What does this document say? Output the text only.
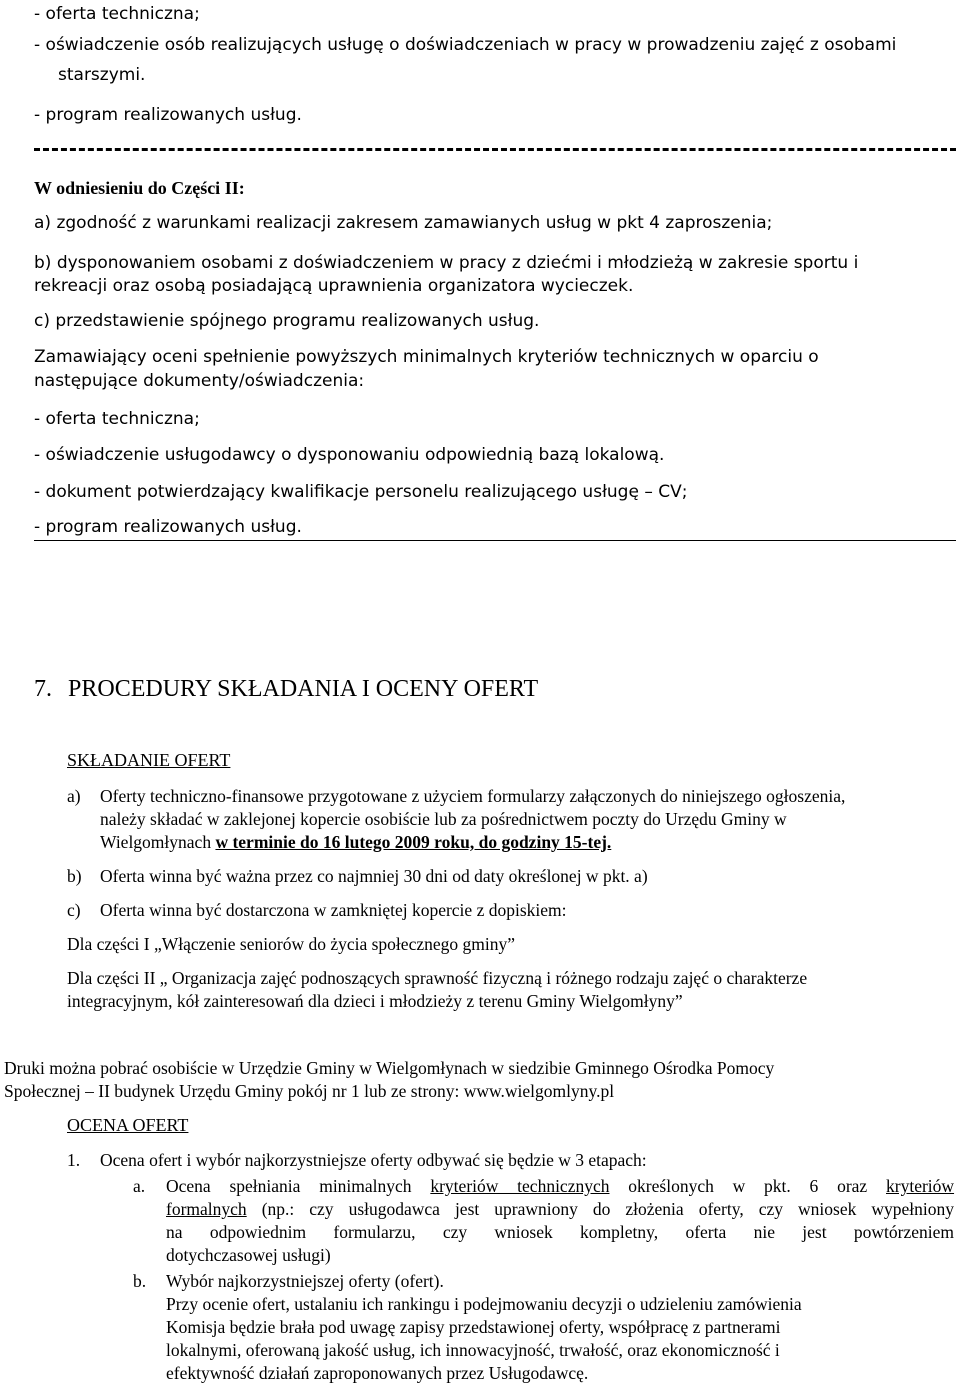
- oferta techniczna;
- oświadczenie osób realizujących usługę o doświadczeniach w pracy w prowadzeniu zajęć z osobami
starszymi.
- program realizowanych usług.
W odniesieniu do Części II:
a) zgodność z warunkami realizacji zakresem zamawianych usług w pkt 4 zaproszenia;
b) dysponowaniem osobami z doświadczeniem w pracy z dziećmi i młodzieżą w zakresie sportu i
rekreacji oraz osobą posiadającą uprawnienia organizatora wycieczek.
c) przedstawienie spójnego programu realizowanych usług.
Zamawiający oceni spełnienie powyższych minimalnych kryteriów technicznych w oparciu o
następujące dokumenty/oświadczenia:
- oferta techniczna;
- oświadczenie usługodawcy o dysponowaniu odpowiednią bazą lokalową.
- dokument potwierdzający kwalifikacje personelu realizującego usługę – CV;
- program realizowanych usług.
7. PROCEDURY SKŁADANIA I OCENY OFERT
SKŁADANIE OFERT
a) Oferty techniczno-finansowe przygotowane z użyciem formularzy załączonych do niniejszego ogłoszenia,
należy składać w zaklejonej kopercie osobiście lub za pośrednictwem poczty do Urzędu Gminy w
Wielgomłynach w terminie do 16 lutego 2009 roku, do godziny 15-tej.
b) Oferta winna być ważna przez co najmniej 30 dni od daty określonej w pkt. a)
c) Oferta winna być dostarczona w zamkniętej kopercie z dopiskiem:
Dla części I „Włączenie seniorów do życia społecznego gminy”
Dla części II „ Organizacja zajęć podnoszących sprawność fizyczną i różnego rodzaju zajęć o charakterze
integracyjnym, kół zainteresowań dla dzieci i młodzieży z terenu Gminy Wielgomłyny”
Druki można pobrać osobiście w Urzędzie Gminy w Wielgomłynach w siedzibie Gminnego Ośrodka Pomocy
Społecznej – II budynek Urzędu Gminy pokój nr 1 lub ze strony: www.wielgomlyny.pl
OCENA OFERT
1. Ocena ofert i wybór najkorzystniejsze oferty odbywać się będzie w 3 etapach:
a. Ocena spełniania minimalnych kryteriów technicznych określonych w pkt. 6 oraz kryteriów
formalnych (np.: czy usługodawca jest uprawniony do złożenia oferty, czy wniosek wypełniony
na odpowiednim formularzu, czy wniosek kompletny, oferta nie jest powtórzeniem
dotychczasowej usługi)
b. Wybór najkorzystniejszej oferty (ofert).
Przy ocenie ofert, ustalaniu ich rankingu i podejmowaniu decyzji o udzieleniu zamówienia
Komisja będzie brała pod uwagę zapisy przedstawionej oferty, współpracę z partnerami
lokalnymi, oferowaną jakość usług, ich innowacyjność, trwałość, oraz ekonomiczność i
efektywność działań zaproponowanych przez Usługodawcę.
